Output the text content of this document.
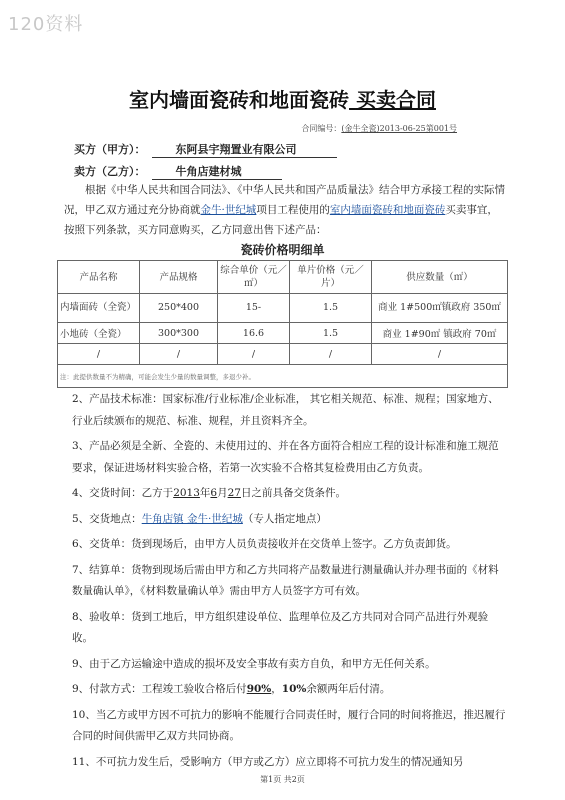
120资料
室内墙面瓷砖和地面瓷砖 买卖合同
合同编号：(金牛全瓷)2013-06-25第001号
买方（甲方）：	东阿县宇翔置业有限公司
卖方（乙方）：	牛角店建材城
根据《中华人民共和国合同法》、《中华人民共和国产品质量法》结合甲方承接工程的实际情况，甲乙双方通过充分协商就金牛·世纪城项目工程使用的室内墙面瓷砖和地面瓷砖买卖事宜，按照下列条款，买方同意购买，乙方同意出售下述产品：
瓷砖价格明细单
产品名称	产品规格	综合单价（元／㎡）	单片价格（元／片）	供应数量（㎡）
内墙面砖（全瓷）	250*400	15-	1.5	商业 1#500㎡镇政府 350㎡
小地砖（全瓷）	300*300	16.6	1.5	商业 1#90㎡ 镇政府 70㎡
/	/	/	/	/
注：此提供数量不为精确，可能会发生少量的数量调整，多退少补。				
2、产品技术标准：国家标准/行业标准/企业标准， 其它相关规范、标准、规程；国家地方、行业后续颁布的规范、标准、规程，并且资料齐全。
3、产品必须是全新、全瓷的、未使用过的、并在各方面符合相应工程的设计标准和施工规范要求，保证进场材料实验合格，若第一次实验不合格其复检费用由乙方负责。
4、交货时间：乙方于2013年6月27日之前具备交货条件。
5、交货地点：牛角店镇 金牛·世纪城（专人指定地点）
6、交货单：货到现场后，由甲方人员负责接收并在交货单上签字。乙方负责卸货。
7、结算单：货物到现场后需由甲方和乙方共同将产品数量进行测量确认并办理书面的《材料数量确认单》，《材料数量确认单》需由甲方人员签字方可有效。
8、验收单：货到工地后，甲方组织建设单位、监理单位及乙方共同对合同产品进行外观验收。
9、由于乙方运输途中造成的损坏及安全事故有卖方自负，和甲方无任何关系。
9、付款方式：工程竣工验收合格后付90%，10%余额两年后付清。
10、当乙方或甲方因不可抗力的影响不能履行合同责任时，履行合同的时间将推迟，推迟履行合同的时间供需甲乙双方共同协商。
11、不可抗力发生后，受影响方（甲方或乙方）应立即将不可抗力发生的情况通知另
第1页 共2页
